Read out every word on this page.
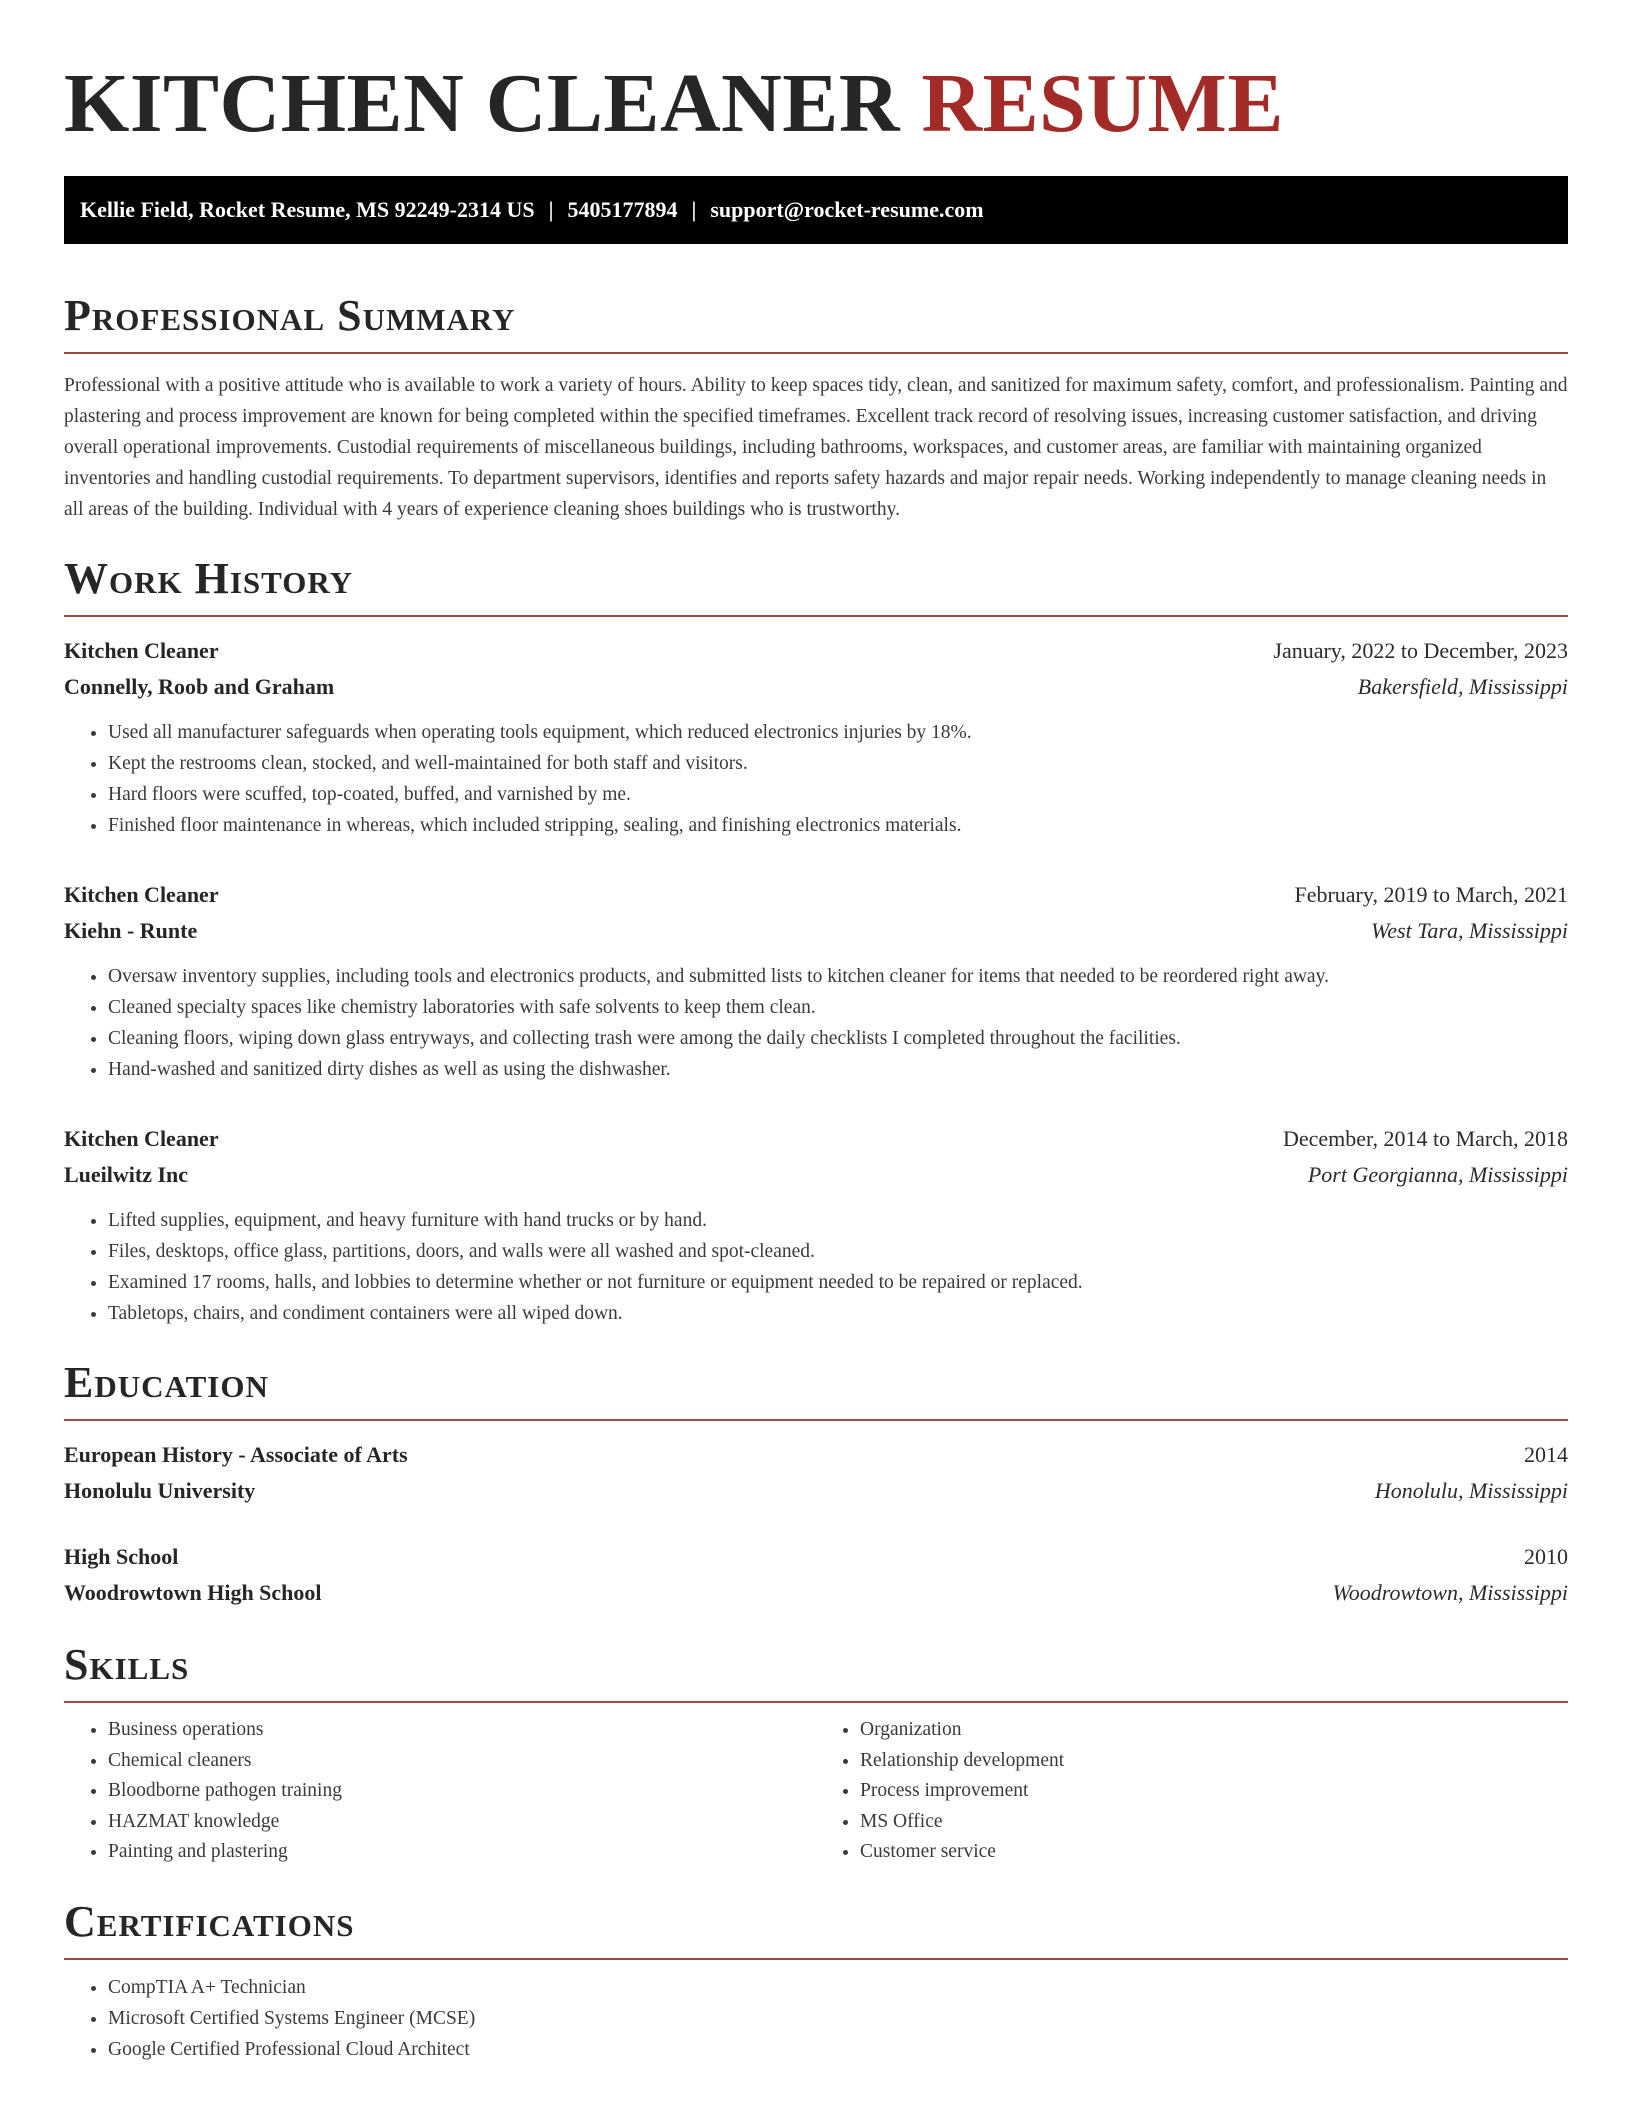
KITCHEN CLEANER RESUME
Kellie Field, Rocket Resume, MS 92249-2314 US | 5405177894 | support@rocket-resume.com
Professional Summary

Professional with a positive attitude who is available to work a variety of hours. Ability to keep spaces tidy, clean, and sanitized for maximum safety, comfort, and professionalism. Painting and plastering and process improvement are known for being completed within the specified timeframes. Excellent track record of resolving issues, increasing customer satisfaction, and driving overall operational improvements. Custodial requirements of miscellaneous buildings, including bathrooms, workspaces, and customer areas, are familiar with maintaining organized inventories and handling custodial requirements. To department supervisors, identifies and reports safety hazards and major repair needs. Working independently to manage cleaning needs in all areas of the building. Individual with 4 years of experience cleaning shoes buildings who is trustworthy.

Work History
Kitchen Cleaner	January, 2022 to December, 2023
Connelly, Roob and Graham	Bakersfield, Mississippi
• Used all manufacturer safeguards when operating tools equipment, which reduced electronics injuries by 18%.
• Kept the restrooms clean, stocked, and well-maintained for both staff and visitors.
• Hard floors were scuffed, top-coated, buffed, and varnished by me.
• Finished floor maintenance in whereas, which included stripping, sealing, and finishing electronics materials.
Kitchen Cleaner	February, 2019 to March, 2021
Kiehn - Runte	West Tara, Mississippi
• Oversaw inventory supplies, including tools and electronics products, and submitted lists to kitchen cleaner for items that needed to be reordered right away.
• Cleaned specialty spaces like chemistry laboratories with safe solvents to keep them clean.
• Cleaning floors, wiping down glass entryways, and collecting trash were among the daily checklists I completed throughout the facilities.
• Hand-washed and sanitized dirty dishes as well as using the dishwasher.
Kitchen Cleaner	December, 2014 to March, 2018
Lueilwitz Inc	Port Georgianna, Mississippi
• Lifted supplies, equipment, and heavy furniture with hand trucks or by hand.
• Files, desktops, office glass, partitions, doors, and walls were all washed and spot-cleaned.
• Examined 17 rooms, halls, and lobbies to determine whether or not furniture or equipment needed to be repaired or replaced.
• Tabletops, chairs, and condiment containers were all wiped down.
Education
European History - Associate of Arts	2014
Honolulu University	Honolulu, Mississippi
High School	2010
Woodrowtown High School	Woodrowtown, Mississippi
Skills
• Business operations
• Chemical cleaners
• Bloodborne pathogen training
• HAZMAT knowledge
• Painting and plastering
• Organization
• Relationship development
• Process improvement
• MS Office
• Customer service
Certifications
• CompTIA A+ Technician
• Microsoft Certified Systems Engineer (MCSE)
• Google Certified Professional Cloud Architect
